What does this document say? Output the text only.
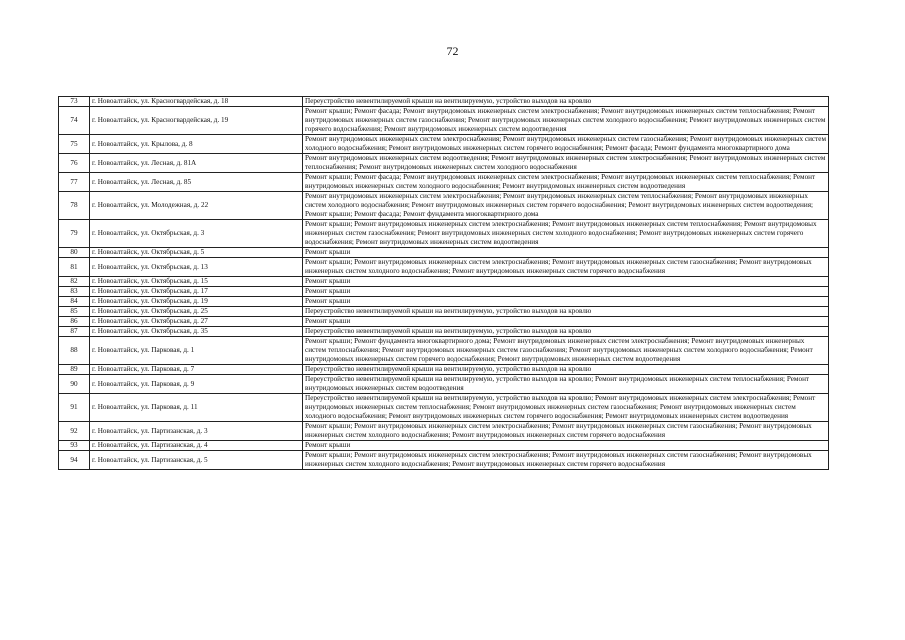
72
73	г. Новоалтайск, ул. Красногвардейская, д. 18	Переустройство невентилируемой крыши на вентилируемую, устройство выходов на кровлю
74	г. Новоалтайск, ул. Красногвардейская, д. 19	Ремонт крыши; Ремонт фасада; Ремонт внутридомовых инженерных систем электроснабжения; Ремонт внутридомовых инженерных систем теплоснабжения; Ремонт внутридомовых инженерных систем газоснабжения; Ремонт внутридомовых инженерных систем холодного водоснабжения; Ремонт внутридомовых инженерных систем горячего водоснабжения; Ремонт внутридомовых инженерных систем водоотведения
75	г. Новоалтайск, ул. Крылова, д. 8	Ремонт внутридомовых инженерных систем электроснабжения; Ремонт внутридомовых инженерных систем газоснабжения; Ремонт внутридомовых инженерных систем холодного водоснабжения; Ремонт внутридомовых инженерных систем горячего водоснабжения; Ремонт фасада; Ремонт фундамента многоквартирного дома
76	г. Новоалтайск, ул. Лесная, д. 81А	Ремонт внутридомовых инженерных систем водоотведения; Ремонт внутридомовых инженерных систем электроснабжения; Ремонт внутридомовых инженерных систем теплоснабжения; Ремонт внутридомовых инженерных систем холодного водоснабжения
77	г. Новоалтайск, ул. Лесная, д. 85	Ремонт крыши; Ремонт фасада; Ремонт внутридомовых инженерных систем электроснабжения; Ремонт внутридомовых инженерных систем теплоснабжения; Ремонт внутридомовых инженерных систем холодного водоснабжения; Ремонт внутридомовых инженерных систем водоотведения
78	г. Новоалтайск, ул. Молодежная, д. 22	Ремонт внутридомовых инженерных систем электроснабжения; Ремонт внутридомовых инженерных систем теплоснабжения; Ремонт внутридомовых инженерных систем холодного водоснабжения; Ремонт внутридомовых инженерных систем горячего водоснабжения; Ремонт внутридомовых инженерных систем водоотведения; Ремонт крыши; Ремонт фасада; Ремонт фундамента многоквартирного дома
79	г. Новоалтайск, ул. Октябрьская, д. 3	Ремонт крыши; Ремонт внутридомовых инженерных систем электроснабжения; Ремонт внутридомовых инженерных систем теплоснабжения; Ремонт внутридомовых инженерных систем газоснабжения; Ремонт внутридомовых инженерных систем холодного водоснабжения; Ремонт внутридомовых инженерных систем горячего водоснабжения; Ремонт внутридомовых инженерных систем водоотведения
80	г. Новоалтайск, ул. Октябрьская, д. 5	Ремонт крыши
81	г. Новоалтайск, ул. Октябрьская, д. 13	Ремонт крыши; Ремонт внутридомовых инженерных систем электроснабжения; Ремонт внутридомовых инженерных систем газоснабжения; Ремонт внутридомовых инженерных систем холодного водоснабжения; Ремонт внутридомовых инженерных систем горячего водоснабжения
82	г. Новоалтайск, ул. Октябрьская, д. 15	Ремонт крыши
83	г. Новоалтайск, ул. Октябрьская, д. 17	Ремонт крыши
84	г. Новоалтайск, ул. Октябрьская, д. 19	Ремонт крыши
85	г. Новоалтайск, ул. Октябрьская, д. 25	Переустройство невентилируемой крыши на вентилируемую, устройство выходов на кровлю
86	г. Новоалтайск, ул. Октябрьская, д. 27	Ремонт крыши
87	г. Новоалтайск, ул. Октябрьская, д. 35	Переустройство невентилируемой крыши на вентилируемую, устройство выходов на кровлю
88	г. Новоалтайск, ул. Парковая, д. 1	Ремонт крыши; Ремонт фундамента многоквартирного дома; Ремонт внутридомовых инженерных систем электроснабжения; Ремонт внутридомовых инженерных систем теплоснабжения; Ремонт внутридомовых инженерных систем газоснабжения; Ремонт внутридомовых инженерных систем холодного водоснабжения; Ремонт внутридомовых инженерных систем горячего водоснабжения; Ремонт внутридомовых инженерных систем водоотведения
89	г. Новоалтайск, ул. Парковая, д. 7	Переустройство невентилируемой крыши на вентилируемую, устройство выходов на кровлю
90	г. Новоалтайск, ул. Парковая, д. 9	Переустройство невентилируемой крыши на вентилируемую, устройство выходов на кровлю; Ремонт внутридомовых инженерных систем теплоснабжения; Ремонт внутридомовых инженерных систем водоотведения
91	г. Новоалтайск, ул. Парковая, д. 11	Переустройство невентилируемой крыши на вентилируемую, устройство выходов на кровлю; Ремонт внутридомовых инженерных систем электроснабжения; Ремонт внутридомовых инженерных систем теплоснабжения; Ремонт внутридомовых инженерных систем газоснабжения; Ремонт внутридомовых инженерных систем холодного водоснабжения; Ремонт внутридомовых инженерных систем горячего водоснабжения; Ремонт внутридомовых инженерных систем водоотведения
92	г. Новоалтайск, ул. Партизанская, д. 3	Ремонт крыши; Ремонт внутридомовых инженерных систем электроснабжения; Ремонт внутридомовых инженерных систем газоснабжения; Ремонт внутридомовых инженерных систем холодного водоснабжения; Ремонт внутридомовых инженерных систем горячего водоснабжения
93	г. Новоалтайск, ул. Партизанская, д. 4	Ремонт крыши
94	г. Новоалтайск, ул. Партизанская, д. 5	Ремонт крыши; Ремонт внутридомовых инженерных систем электроснабжения; Ремонт внутридомовых инженерных систем газоснабжения; Ремонт внутридомовых инженерных систем холодного водоснабжения; Ремонт внутридомовых инженерных систем горячего водоснабжения
